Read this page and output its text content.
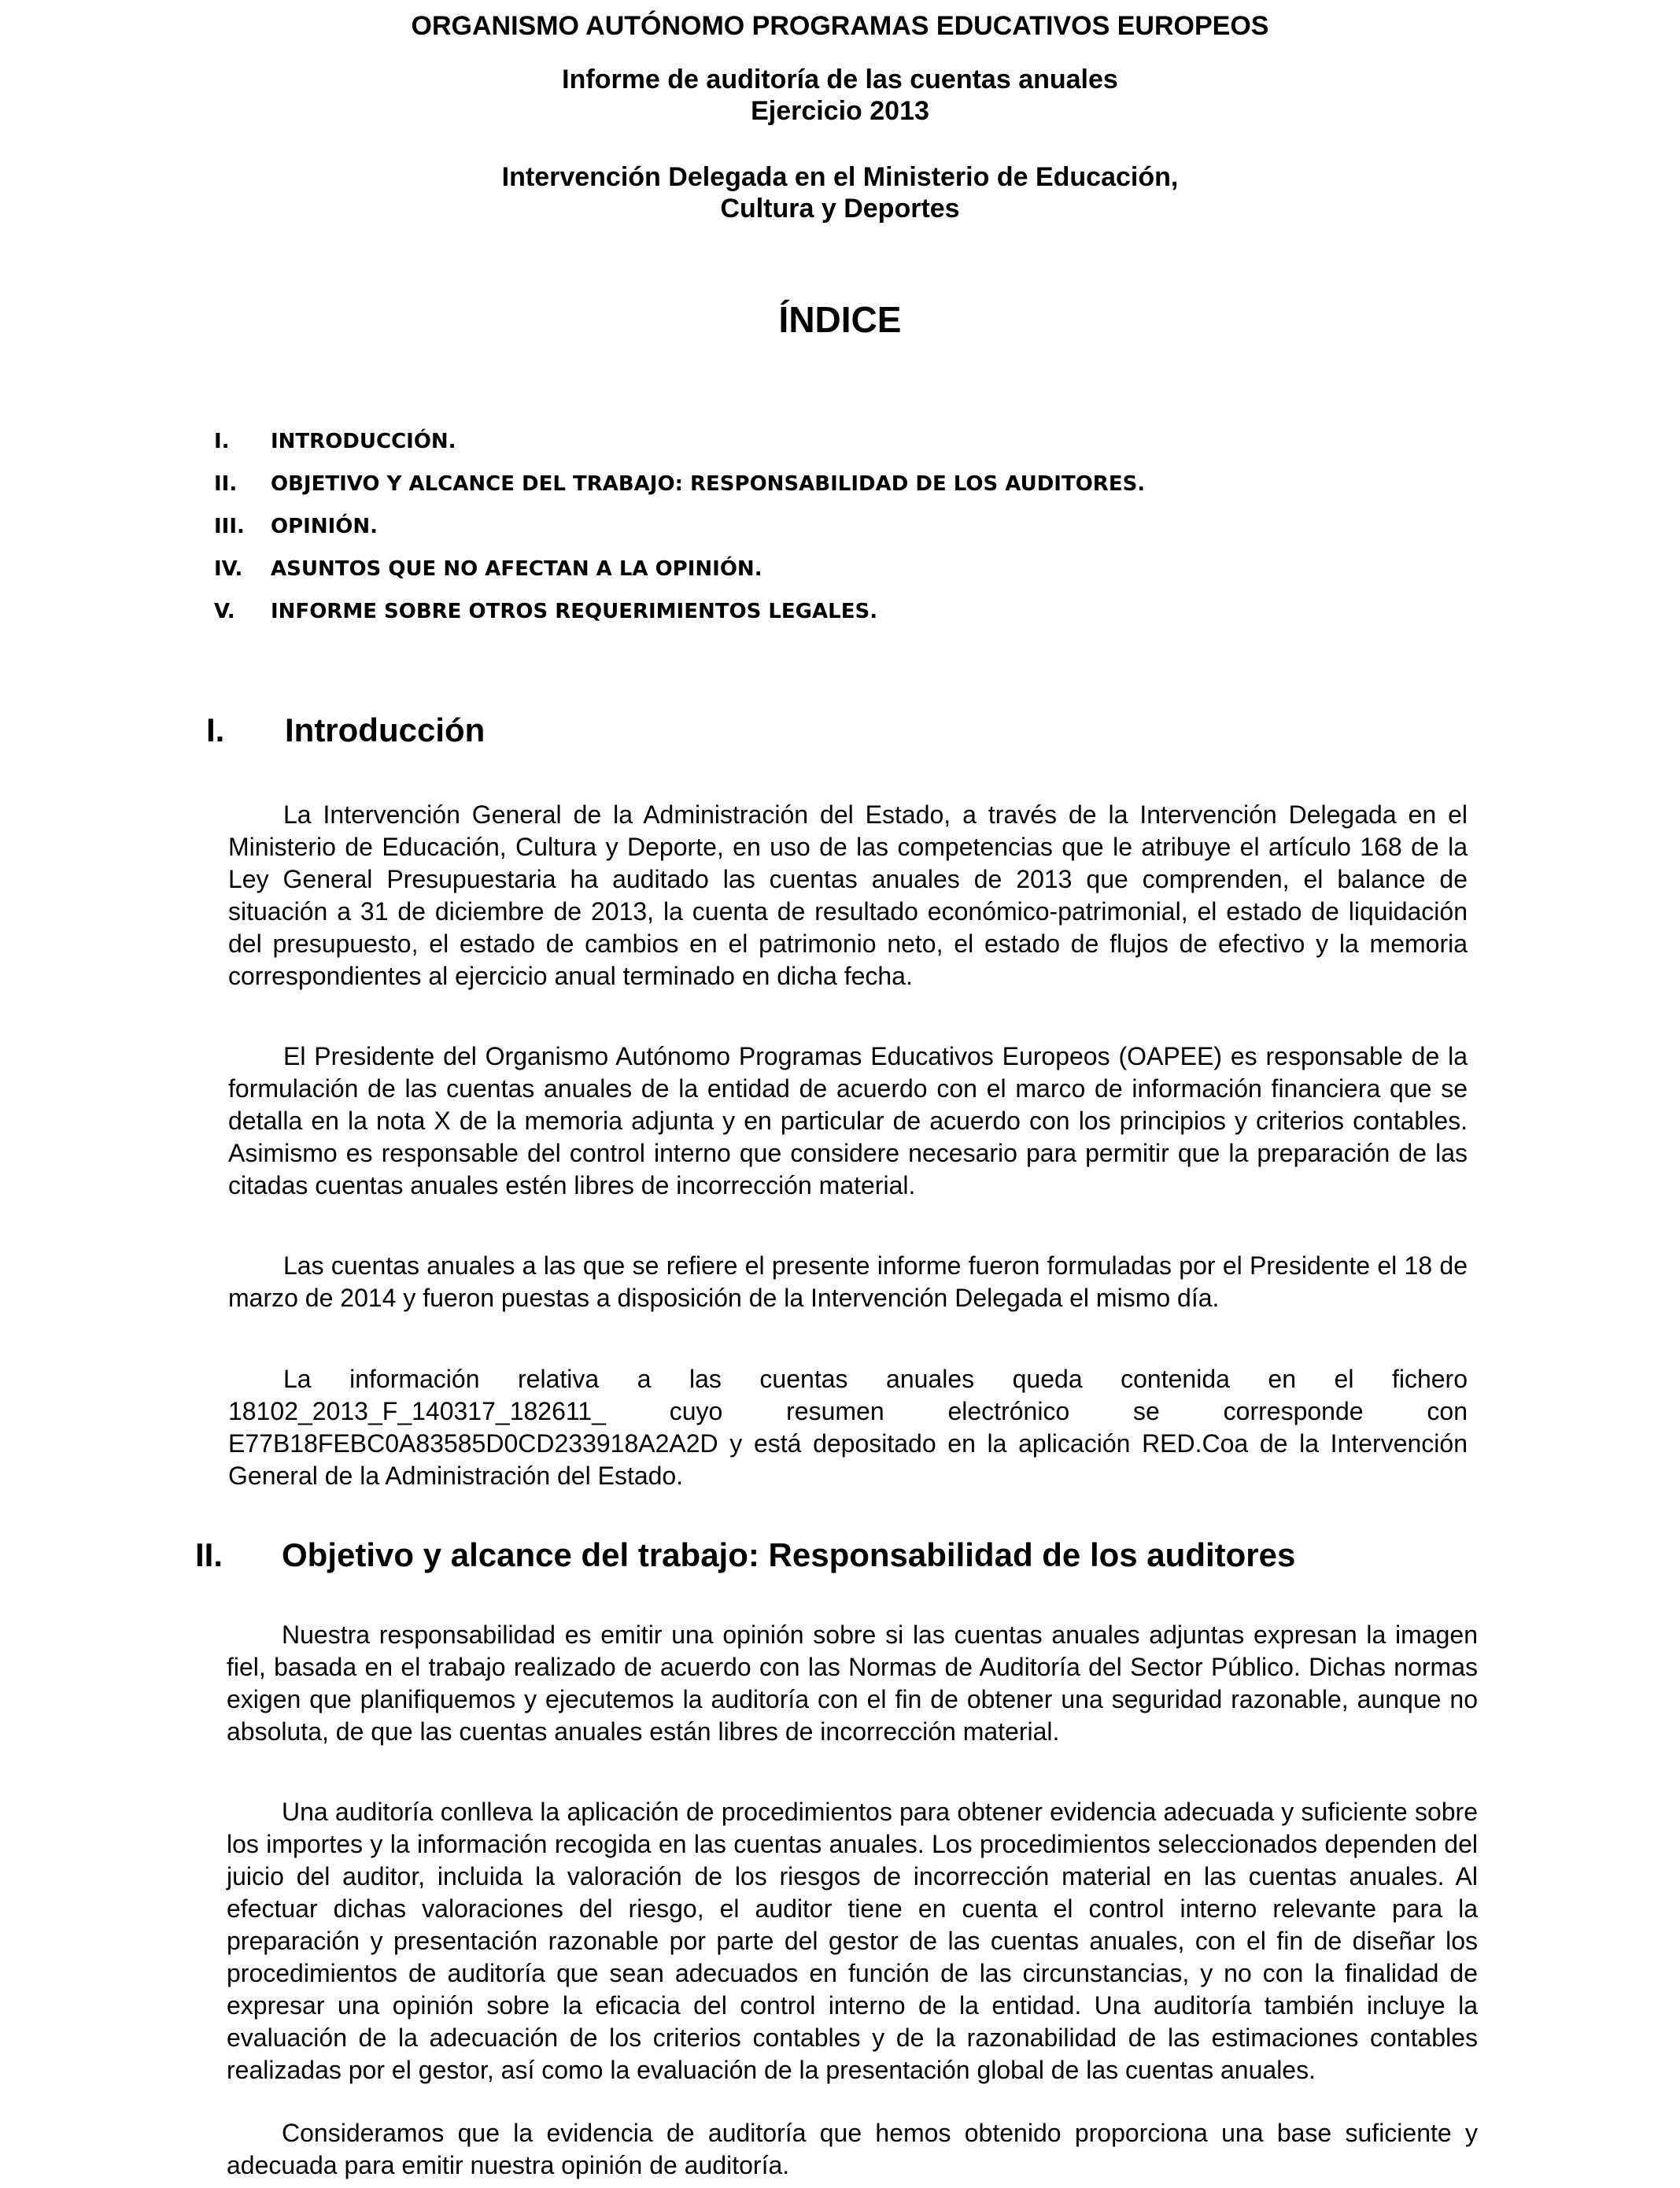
ORGANISMO AUTÓNOMO PROGRAMAS EDUCATIVOS EUROPEOS
Informe de auditoría de las cuentas anuales
Ejercicio 2013
Intervención Delegada en el Ministerio de Educación,
Cultura y Deportes
ÍNDICE
I. INTRODUCCIÓN.
II. OBJETIVO Y ALCANCE DEL TRABAJO: RESPONSABILIDAD DE LOS AUDITORES.
III. OPINIÓN.
IV. ASUNTOS QUE NO AFECTAN A LA OPINIÓN.
V. INFORME SOBRE OTROS REQUERIMIENTOS LEGALES.
I. Introducción

La Intervención General de la Administración del Estado, a través de la Intervención Delegada en el Ministerio de Educación, Cultura y Deporte, en uso de las competencias que le atribuye el artículo 168 de la Ley General Presupuestaria ha auditado las cuentas anuales de 2013 que comprenden, el balance de situación a 31 de diciembre de 2013, la cuenta de resultado económico-patrimonial, el estado de liquidación del presupuesto, el estado de cambios en el patrimonio neto, el estado de flujos de efectivo y la memoria correspondientes al ejercicio anual terminado en dicha fecha.

El Presidente del Organismo Autónomo Programas Educativos Europeos (OAPEE) es responsable de la formulación de las cuentas anuales de la entidad de acuerdo con el marco de información financiera que se detalla en la nota X de la memoria adjunta y en particular de acuerdo con los principios y criterios contables. Asimismo es responsable del control interno que considere necesario para permitir que la preparación de las citadas cuentas anuales estén libres de incorrección material.

Las cuentas anuales a las que se refiere el presente informe fueron formuladas por el Presidente el 18 de marzo de 2014 y fueron puestas a disposición de la Intervención Delegada el mismo día.

La información relativa a las cuentas anuales queda contenida en el fichero 18102_2013_F_140317_182611_ cuyo resumen electrónico se corresponde con E77B18FEBC0A83585D0CD233918A2A2D y está depositado en la aplicación RED.Coa de la Intervención General de la Administración del Estado.

II. Objetivo y alcance del trabajo: Responsabilidad de los auditores

Nuestra responsabilidad es emitir una opinión sobre si las cuentas anuales adjuntas expresan la imagen fiel, basada en el trabajo realizado de acuerdo con las Normas de Auditoría del Sector Público. Dichas normas exigen que planifiquemos y ejecutemos la auditoría con el fin de obtener una seguridad razonable, aunque no absoluta, de que las cuentas anuales están libres de incorrección material.

Una auditoría conlleva la aplicación de procedimientos para obtener evidencia adecuada y suficiente sobre los importes y la información recogida en las cuentas anuales. Los procedimientos seleccionados dependen del juicio del auditor, incluida la valoración de los riesgos de incorrección material en las cuentas anuales. Al efectuar dichas valoraciones del riesgo, el auditor tiene en cuenta el control interno relevante para la preparación y presentación razonable por parte del gestor de las cuentas anuales, con el fin de diseñar los procedimientos de auditoría que sean adecuados en función de las circunstancias, y no con la finalidad de expresar una opinión sobre la eficacia del control interno de la entidad. Una auditoría también incluye la evaluación de la adecuación de los criterios contables y de la razonabilidad de las estimaciones contables realizadas por el gestor, así como la evaluación de la presentación global de las cuentas anuales.

Consideramos que la evidencia de auditoría que hemos obtenido proporciona una base suficiente y adecuada para emitir nuestra opinión de auditoría.
